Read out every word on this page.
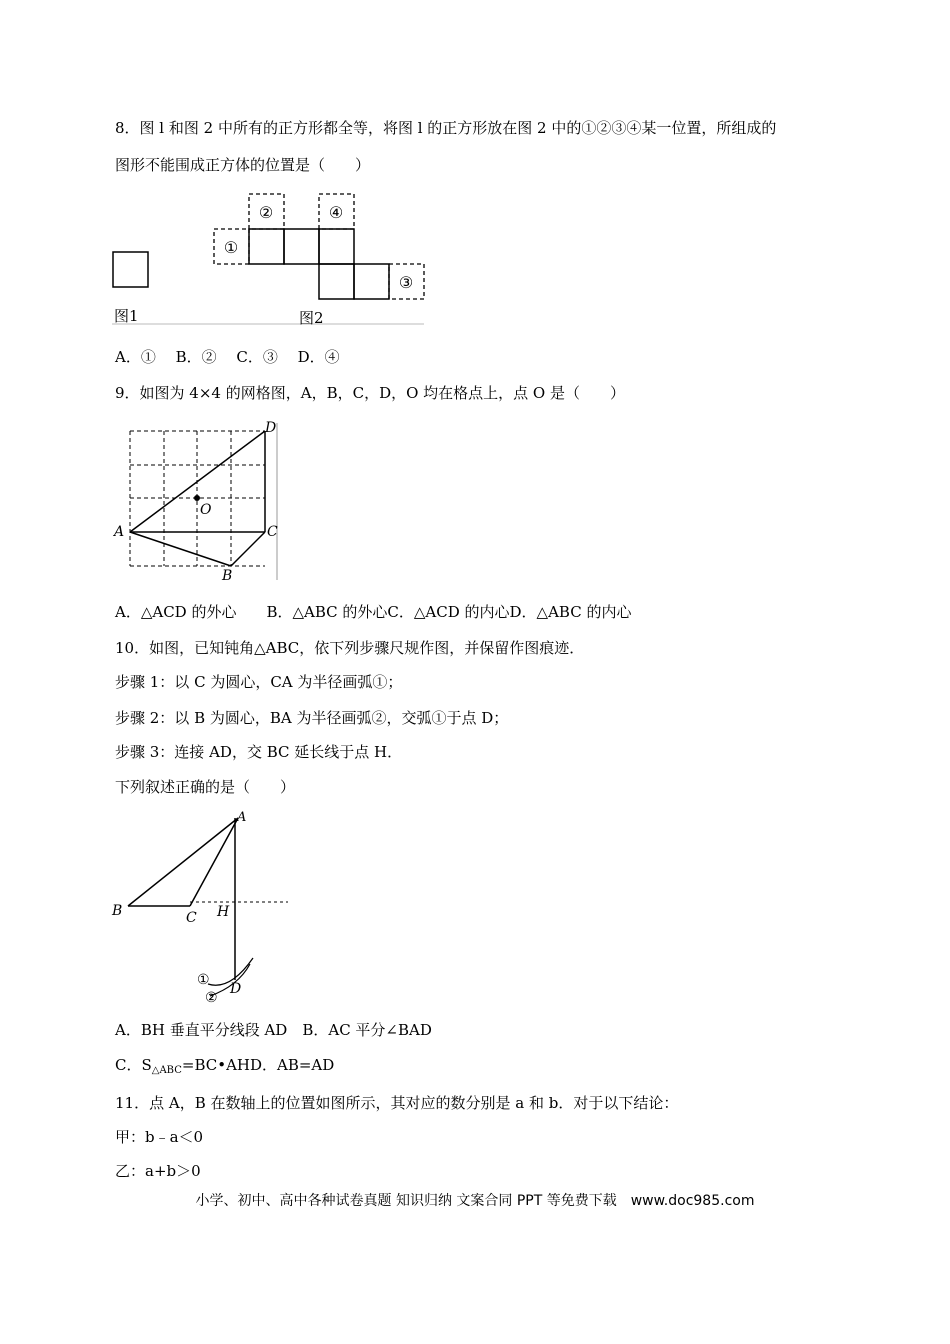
8．图 l 和图 2 中所有的正方形都全等，将图 l 的正方形放在图 2 中的①②③④某一位置，所组成的
图形不能围成正方体的位置是（　　）
①
②	④
③
图1	图2
A．①　 B．②　 C．③　 D．④
9．如图为 4×4 的网格图，A，B，C，D，O 均在格点上，点 O 是（　　）
D
O
A	C
B
A．△ACD 的外心　　B．△ABC 的外心C．△ACD 的内心D．△ABC 的内心
10．如图，已知钝角△ABC，依下列步骤尺规作图，并保留作图痕迹．
步骤 1：以 C 为圆心，CA 为半径画弧①；
步骤 2：以 B 为圆心，BA 为半径画弧②，交弧①于点 D；
步骤 3：连接 AD，交 BC 延长线于点 H．
下列叙述正确的是（　　）
A
B	C H
①
②
D
A．BH 垂直平分线段 AD　B．AC 平分∠BAD
C．$S_{\triangle ABC}=BC•AHD$．AB=AD
11．点 A，B 在数轴上的位置如图所示，其对应的数分别是 a 和 b．对于以下结论：
甲：b﹣a＜0
乙：a+b＞0
小学、初中、高中各种试卷真题 知识归纳 文案合同 PPT 等免费下载　www.doc985.com
